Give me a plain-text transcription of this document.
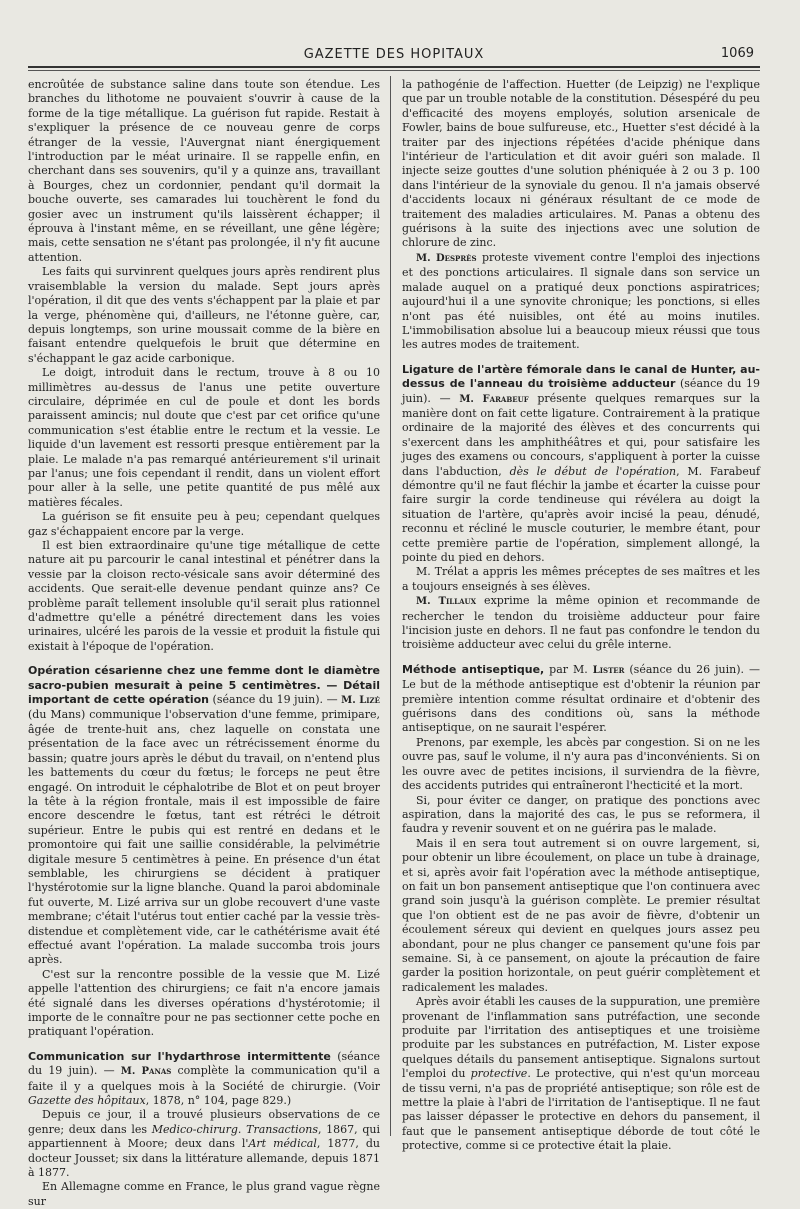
GAZETTE DES HOPITAUX	1069

encroûtée de substance saline dans toute son étendue. Les branches du lithotome ne pouvaient s'ouvrir à cause de la forme de la tige métallique. La guérison fut rapide. Restait à s'expliquer la présence de ce nouveau genre de corps étranger de la vessie, l'Auvergnat niant énergiquement l'introduction par le méat urinaire. Il se rappelle enfin, en cherchant dans ses souvenirs, qu'il y a quinze ans, travaillant à Bourges, chez un cordonnier, pendant qu'il dormait la bouche ouverte, ses camarades lui touchèrent le fond du gosier avec un instrument qu'ils laissèrent échapper; il éprouva à l'instant même, en se réveillant, une gêne légère; mais, cette sensation ne s'étant pas prolongée, il n'y fit aucune attention.

Les faits qui survinrent quelques jours après rendirent plus vraisemblable la version du malade. Sept jours après l'opération, il dit que des vents s'échappent par la plaie et par la verge, phénomène qui, d'ailleurs, ne l'étonne guère, car, depuis longtemps, son urine moussait comme de la bière en faisant entendre quelquefois le bruit que détermine en s'échappant le gaz acide carbonique.

Le doigt, introduit dans le rectum, trouve à 8 ou 10 millimètres au-dessus de l'anus une petite ouverture circulaire, déprimée en cul de poule et dont les bords paraissent amincis; nul doute que c'est par cet orifice qu'une communication s'est établie entre le rectum et la vessie. Le liquide d'un lavement est ressorti presque entièrement par la plaie. Le malade n'a pas remarqué antérieurement s'il urinait par l'anus; une fois cependant il rendit, dans un violent effort pour aller à la selle, une petite quantité de pus mêlé aux matières fécales.

La guérison se fit ensuite peu à peu; cependant quelques gaz s'échappaient encore par la verge.

Il est bien extraordinaire qu'une tige métallique de cette nature ait pu parcourir le canal intestinal et pénétrer dans la vessie par la cloison recto-vésicale sans avoir déterminé des accidents. Que serait-elle devenue pendant quinze ans? Ce problème paraît tellement insoluble qu'il serait plus rationnel d'admettre qu'elle a pénétré directement dans les voies urinaires, ulcéré les parois de la vessie et produit la fistule qui existait à l'époque de l'opération.

Opération césarienne chez une femme dont le diamètre sacro-pubien mesurait à peine 5 centimètres. — Détail important de cette opération (séance du 19 juin). — M. Lizé (du Mans) communique l'observation d'une femme, primipare, âgée de trente-huit ans, chez laquelle on constata une présentation de la face avec un rétrécissement énorme du bassin; quatre jours après le début du travail, on n'entend plus les battements du cœur du fœtus; le forceps ne peut être engagé. On introduit le céphalotribe de Blot et on peut broyer la tête à la région frontale, mais il est impossible de faire encore descendre le fœtus, tant est rétréci le détroit supérieur. Entre le pubis qui est rentré en dedans et le promontoire qui fait une saillie considérable, la pelvimétrie digitale mesure 5 centimètres à peine. En présence d'un état semblable, les chirurgiens se décident à pratiquer l'hystérotomie sur la ligne blanche. Quand la paroi abdominale fut ouverte, M. Lizé arriva sur un globe recouvert d'une vaste membrane; c'était l'utérus tout entier caché par la vessie très-distendue et complètement vide, car le cathétérisme avait été effectué avant l'opération. La malade succomba trois jours après.

C'est sur la rencontre possible de la vessie que M. Lizé appelle l'attention des chirurgiens; ce fait n'a encore jamais été signalé dans les diverses opérations d'hystérotomie; il importe de le connaître pour ne pas sectionner cette poche en pratiquant l'opération.

Communication sur l'hydarthrose intermittente (séance du 19 juin). — M. Panas complète la communication qu'il a faite il y a quelques mois à la Société de chirurgie. (Voir Gazette des hôpitaux, 1878, n° 104, page 829.)

Depuis ce jour, il a trouvé plusieurs observations de ce genre; deux dans les Medico-chirurg. Transactions, 1867, qui appartiennent à Moore; deux dans l'Art médical, 1877, du docteur Jousset; six dans la littérature allemande, depuis 1871 à 1877.

En Allemagne comme en France, le plus grand vague règne sur

la pathogénie de l'affection. Huetter (de Leipzig) ne l'explique que par un trouble notable de la constitution. Désespéré du peu d'efficacité des moyens employés, solution arsenicale de Fowler, bains de boue sulfureuse, etc., Huetter s'est décidé à la traiter par des injections répétées d'acide phénique dans l'intérieur de l'articulation et dit avoir guéri son malade. Il injecte seize gouttes d'une solution phéniquée à 2 ou 3 p. 100 dans l'intérieur de la synoviale du genou. Il n'a jamais observé d'accidents locaux ni généraux résultant de ce mode de traitement des maladies articulaires. M. Panas a obtenu des guérisons à la suite des injections avec une solution de chlorure de zinc.

M. Desprès proteste vivement contre l'emploi des injections et des ponctions articulaires. Il signale dans son service un malade auquel on a pratiqué deux ponctions aspiratrices; aujourd'hui il a une synovite chronique; les ponctions, si elles n'ont pas été nuisibles, ont été au moins inutiles. L'immobilisation absolue lui a beaucoup mieux réussi que tous les autres modes de traitement.

Ligature de l'artère fémorale dans le canal de Hunter, au-dessus de l'anneau du troisième adducteur (séance du 19 juin). — M. Farabeuf présente quelques remarques sur la manière dont on fait cette ligature. Contrairement à la pratique ordinaire de la majorité des élèves et des concurrents qui s'exercent dans les amphithéâtres et qui, pour satisfaire les juges des examens ou concours, s'appliquent à porter la cuisse dans l'abduction, dès le début de l'opération, M. Farabeuf démontre qu'il ne faut fléchir la jambe et écarter la cuisse pour faire surgir la corde tendineuse qui révélera au doigt la situation de l'artère, qu'après avoir incisé la peau, dénudé, reconnu et récliné le muscle couturier, le membre étant, pour cette première partie de l'opération, simplement allongé, la pointe du pied en dehors.

M. Trélat a appris les mêmes préceptes de ses maîtres et les a toujours enseignés à ses élèves.

M. Tillaux exprime la même opinion et recommande de rechercher le tendon du troisième adducteur pour faire l'incision juste en dehors. Il ne faut pas confondre le tendon du troisième adducteur avec celui du grêle interne.

Méthode antiseptique, par M. Lister (séance du 26 juin). — Le but de la méthode antiseptique est d'obtenir la réunion par première intention comme résultat ordinaire et d'obtenir des guérisons dans des conditions où, sans la méthode antiseptique, on ne saurait l'espérer.

Prenons, par exemple, les abcès par congestion. Si on ne les ouvre pas, sauf le volume, il n'y aura pas d'inconvénients. Si on les ouvre avec de petites incisions, il surviendra de la fièvre, des accidents putrides qui entraîneront l'hecticité et la mort.

Si, pour éviter ce danger, on pratique des ponctions avec aspiration, dans la majorité des cas, le pus se reformera, il faudra y revenir souvent et on ne guérira pas le malade.

Mais il en sera tout autrement si on ouvre largement, si, pour obtenir un libre écoulement, on place un tube à drainage, et si, après avoir fait l'opération avec la méthode antiseptique, on fait un bon pansement antiseptique que l'on continuera avec grand soin jusqu'à la guérison complète. Le premier résultat que l'on obtient est de ne pas avoir de fièvre, d'obtenir un écoulement séreux qui devient en quelques jours assez peu abondant, pour ne plus changer ce pansement qu'une fois par semaine. Si, à ce pansement, on ajoute la précaution de faire garder la position horizontale, on peut guérir complètement et radicalement les malades.

Après avoir établi les causes de la suppuration, une première provenant de l'inflammation sans putréfaction, une seconde produite par l'irritation des antiseptiques et une troisième produite par les substances en putréfaction, M. Lister expose quelques détails du pansement antiseptique. Signalons surtout l'emploi du protective. Le protective, qui n'est qu'un morceau de tissu verni, n'a pas de propriété antiseptique; son rôle est de mettre la plaie à l'abri de l'irritation de l'antiseptique. Il ne faut pas laisser dépasser le protective en dehors du pansement, il faut que le pansement antiseptique déborde de tout côté le protective, comme si ce protective était la plaie.
